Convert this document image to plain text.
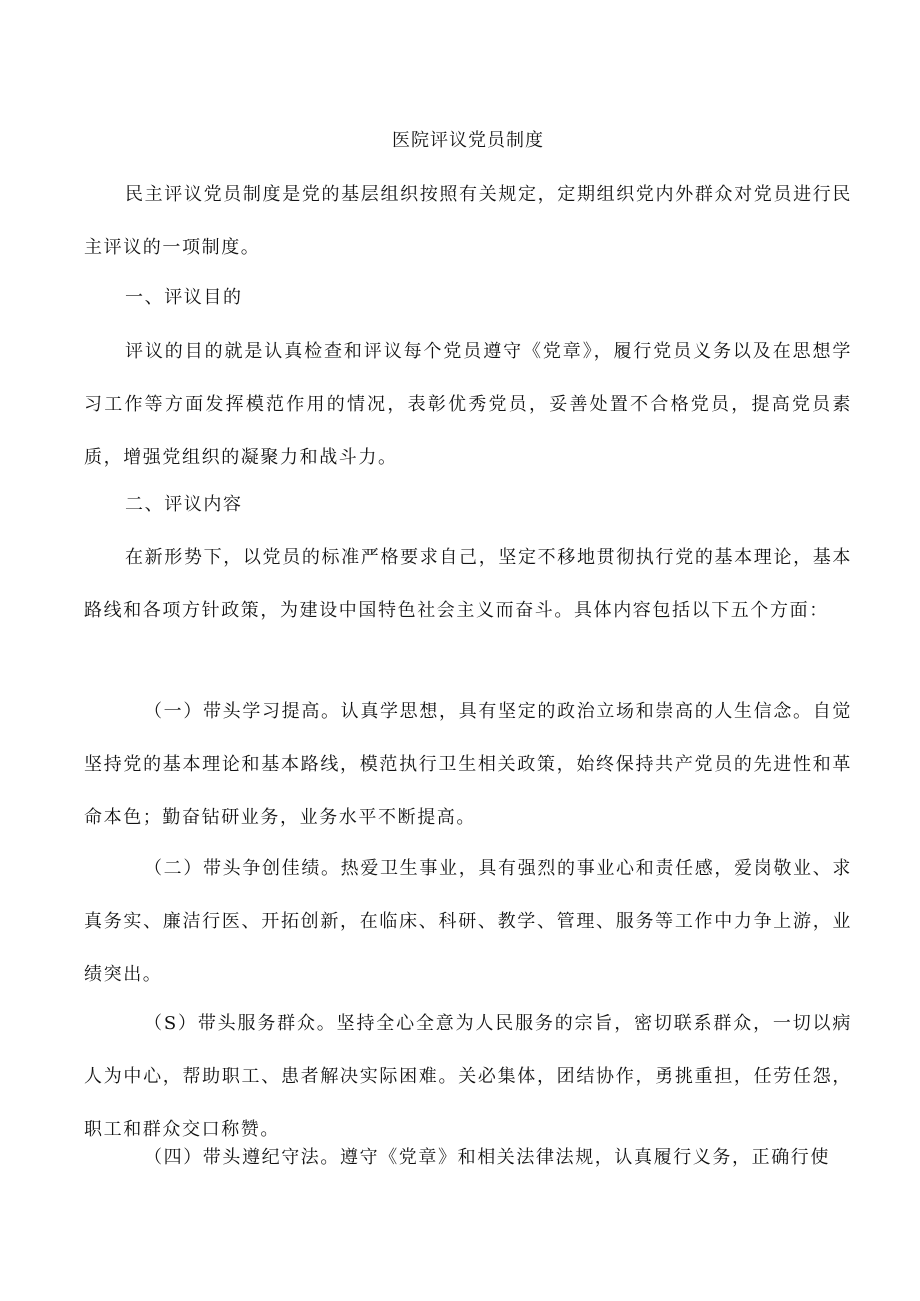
医院评议党员制度

民主评议党员制度是党的基层组织按照有关规定，定期组织党内外群众对党员进行民主评议的一项制度。

一、评议目的

评议的目的就是认真检查和评议每个党员遵守《党章》，履行党员义务以及在思想学习工作等方面发挥模范作用的情况，表彰优秀党员，妥善处置不合格党员，提高党员素质，增强党组织的凝聚力和战斗力。

二、评议内容

在新形势下，以党员的标准严格要求自己，坚定不移地贯彻执行党的基本理论，基本路线和各项方针政策，为建设中国特色社会主义而奋斗。具体内容包括以下五个方面：

（一）带头学习提高。认真学思想，具有坚定的政治立场和崇高的人生信念。自觉坚持党的基本理论和基本路线，模范执行卫生相关政策，始终保持共产党员的先进性和革命本色；勤奋钻研业务，业务水平不断提高。

（二）带头争创佳绩。热爱卫生事业，具有强烈的事业心和责任感，爱岗敬业、求真务实、廉洁行医、开拓创新，在临床、科研、教学、管理、服务等工作中力争上游，业绩突出。

（S）带头服务群众。坚持全心全意为人民服务的宗旨，密切联系群众，一切以病人为中心，帮助职工、患者解决实际困难。关必集体，团结协作，勇挑重担，任劳任怨，职工和群众交口称赞。

（四）带头遵纪守法。遵守《党章》和相关法律法规，认真履行义务，正确行使
